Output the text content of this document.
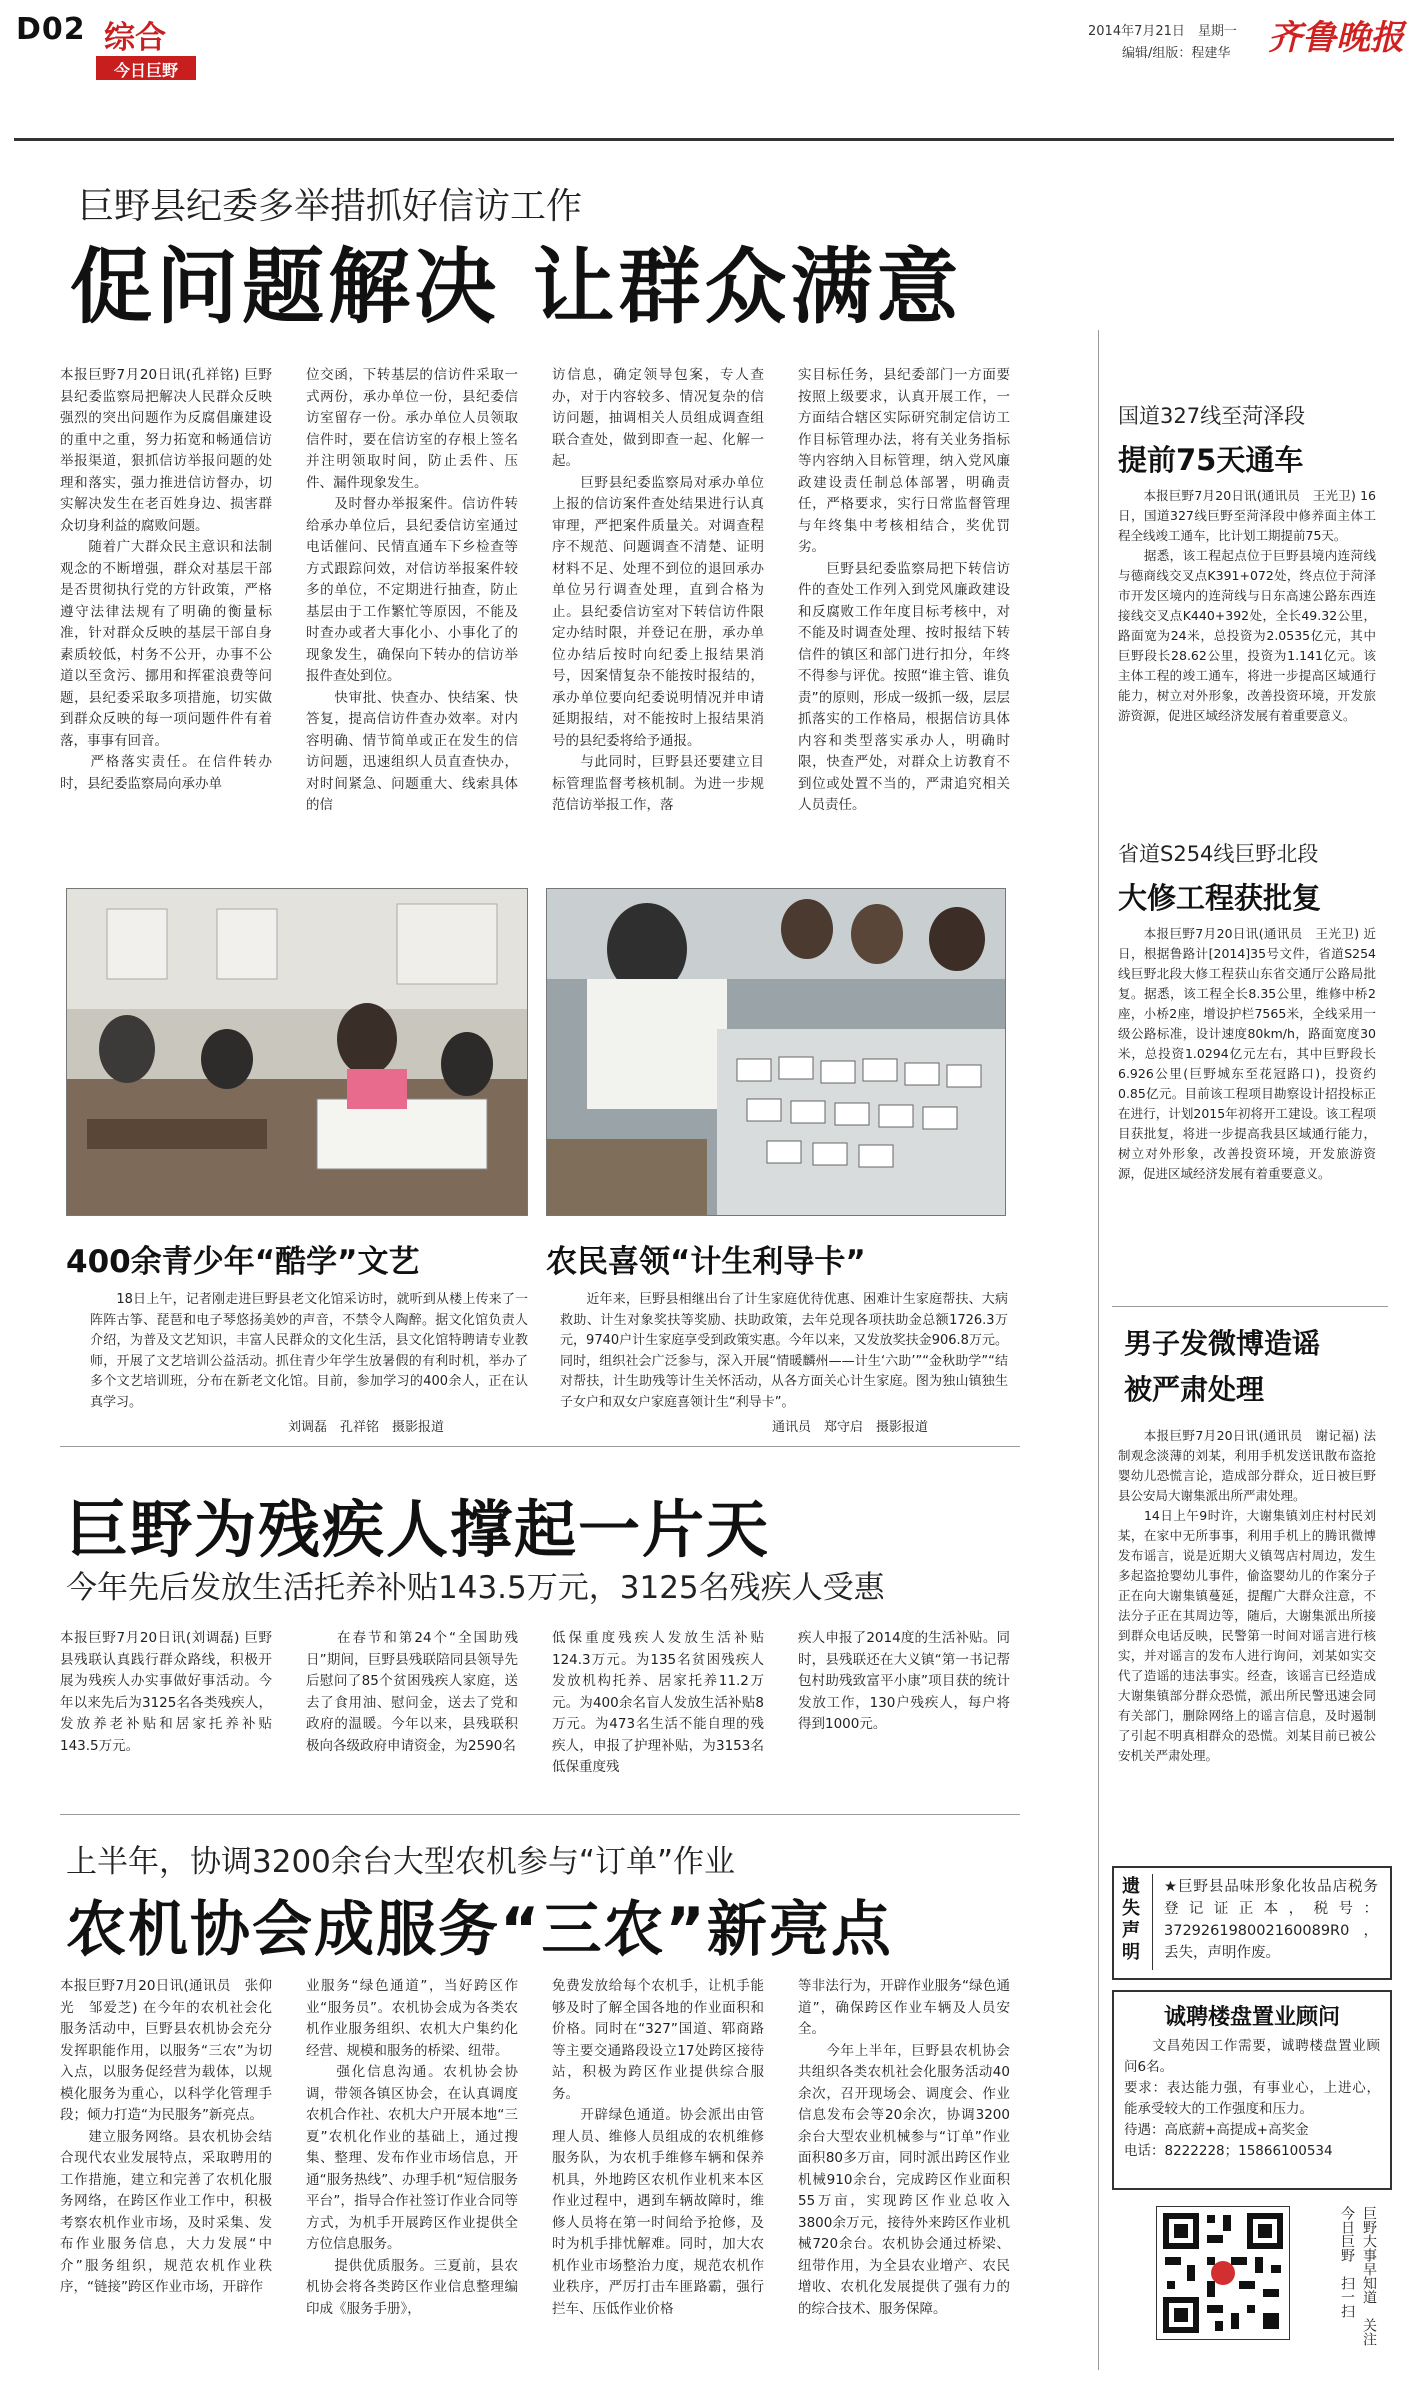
D02 综合
今日巨野
2014年7月21日　星期一
编辑/组版：程建华 齐鲁晚报
巨野县纪委多举措抓好信访工作
促问题解决 让群众满意
本报巨野7月20日讯(孔祥铭) 巨野县纪委监察局把解决人民群众反映强烈的突出问题作为反腐倡廉建设的重中之重，努力拓宽和畅通信访举报渠道，狠抓信访举报问题的处理和落实，强力推进信访督办，切实解决发生在老百姓身边、损害群众切身利益的腐败问题。
　　随着广大群众民主意识和法制观念的不断增强，群众对基层干部是否贯彻执行党的方针政策，严格遵守法律法规有了明确的衡量标准，针对群众反映的基层干部自身素质较低，村务不公开，办事不公道以至贪污、挪用和挥霍浪费等问题，县纪委采取多项措施，切实做到群众反映的每一项问题件件有着落，事事有回音。
　　严格落实责任。在信件转办时，县纪委监察局向承办单
位交函，下转基层的信访件采取一式两份，承办单位一份，县纪委信访室留存一份。承办单位人员领取信件时，要在信访室的存根上签名并注明领取时间，防止丢件、压件、漏件现象发生。
　　及时督办举报案件。信访件转给承办单位后，县纪委信访室通过电话催问、民情直通车下乡检查等方式跟踪问效，对信访举报案件较多的单位，不定期进行抽查，防止基层由于工作繁忙等原因，不能及时查办或者大事化小、小事化了的现象发生，确保向下转办的信访举报件查处到位。
　　快审批、快查办、快结案、快答复，提高信访件查办效率。对内容明确、情节简单或正在发生的信访问题，迅速组织人员直查快办，对时间紧急、问题重大、线索具体的信
访信息，确定领导包案，专人查办，对于内容较多、情况复杂的信访问题，抽调相关人员组成调查组联合查处，做到即查一起、化解一起。
　　巨野县纪委监察局对承办单位上报的信访案件查处结果进行认真审理，严把案件质量关。对调查程序不规范、问题调查不清楚、证明材料不足、处理不到位的退回承办单位另行调查处理，直到合格为止。县纪委信访室对下转信访件限定办结时限，并登记在册，承办单位办结后按时向纪委上报结果消号，因案情复杂不能按时报结的，承办单位要向纪委说明情况并申请延期报结，对不能按时上报结果消号的县纪委将给予通报。
　　与此同时，巨野县还要建立目标管理监督考核机制。为进一步规范信访举报工作，落
实目标任务，县纪委部门一方面要按照上级要求，认真开展工作，一方面结合辖区实际研究制定信访工作目标管理办法，将有关业务指标等内容纳入目标管理，纳入党风廉政建设责任制总体部署，明确责任，严格要求，实行日常监督管理与年终集中考核相结合，奖优罚劣。
　　巨野县纪委监察局把下转信访件的查处工作列入到党风廉政建设和反腐败工作年度目标考核中，对不能及时调查处理、按时报结下转信件的镇区和部门进行扣分，年终不得参与评优。按照“谁主管、谁负责”的原则，形成一级抓一级，层层抓落实的工作格局，根据信访具体内容和类型落实承办人，明确时限，快查严处，对群众上访教育不到位或处置不当的，严肃追究相关人员责任。
400余青少年“酷学”文艺
　　18日上午，记者刚走进巨野县老文化馆采访时，就听到从楼上传来了一阵阵古筝、琵琶和电子琴悠扬美妙的声音，不禁令人陶醉。据文化馆负责人介绍，为普及文艺知识，丰富人民群众的文化生活，县文化馆特聘请专业教师，开展了文艺培训公益活动。抓住青少年学生放暑假的有利时机，举办了多个文艺培训班，分布在新老文化馆。目前，参加学习的400余人，正在认真学习。
刘调磊　孔祥铭　摄影报道
农民喜领“计生利导卡”
　　近年来，巨野县相继出台了计生家庭优待优惠、困难计生家庭帮扶、大病救助、计生对象奖扶等奖励、扶助政策，去年兑现各项扶助金总额1726.3万元，9740户计生家庭享受到政策实惠。今年以来，又发放奖扶金906.8万元。同时，组织社会广泛参与，深入开展“情暖麟州——计生‘六助’”“金秋助学”“结对帮扶，计生助残等计生关怀活动，从各方面关心计生家庭。图为独山镇独生子女户和双女户家庭喜领计生“利导卡”。
通讯员　郑守启　摄影报道
巨野为残疾人撑起一片天
今年先后发放生活托养补贴143.5万元，3125名残疾人受惠
本报巨野7月20日讯(刘调磊) 巨野县残联认真践行群众路线，积极开展为残疾人办实事做好事活动。今年以来先后为3125名各类残疾人，发放养老补贴和居家托养补贴143.5万元。
　　在春节和第24个“全国助残日”期间，巨野县残联陪同县领导先后慰问了85个贫困残疾人家庭，送去了食用油、慰问金，送去了党和政府的温暖。今年以来，县残联积极向各级政府申请资金，为2590名
低保重度残疾人发放生活补贴124.3万元。为135名贫困残疾人发放机构托养、居家托养11.2万元。为400余名盲人发放生活补贴8万元。为473名生活不能自理的残疾人，申报了护理补贴，为3153名低保重度残
疾人申报了2014度的生活补贴。同时，县残联还在大义镇“第一书记帮包村助残致富平小康”项目获的统计发放工作，130户残疾人，每户将得到1000元。
上半年，协调3200余台大型农机参与“订单”作业
农机协会成服务“三农”新亮点
本报巨野7月20日讯(通讯员　张仰光　邹爱芝) 在今年的农机社会化服务活动中，巨野县农机协会充分发挥职能作用，以服务“三农”为切入点，以服务促经营为载体，以规模化服务为重心，以科学化管理手段；倾力打造“为民服务”新亮点。
　　建立服务网络。县农机协会结合现代农业发展特点，采取聘用的工作措施，建立和完善了农机化服务网络，在跨区作业工作中，积极考察农机作业市场，及时采集、发布作业服务信息，大力发展“中介”服务组织，规范农机作业秩序，“链接”跨区作业市场，开辟作
业服务“绿色通道”，当好跨区作业“服务员”。农机协会成为各类农机作业服务组织、农机大户集约化经营、规模和服务的桥梁、纽带。
　　强化信息沟通。农机协会协调，带领各镇区协会，在认真调度农机合作社、农机大户开展本地“三夏”农机化作业的基础上，通过搜集、整理、发布作业市场信息，开通“服务热线”、办理手机“短信服务平台”，指导合作社签订作业合同等方式，为机手开展跨区作业提供全方位信息服务。
　　提供优质服务。三夏前，县农机协会将各类跨区作业信息整理编印成《服务手册》，
免费发放给每个农机手，让机手能够及时了解全国各地的作业面积和价格。同时在“327”国道、郓商路等主要交通路段设立17处跨区接待站，积极为跨区作业提供综合服务。
　　开辟绿色通道。协会派出由管理人员、维修人员组成的农机维修服务队，为农机手维修车辆和保养机具，外地跨区农机作业机来本区作业过程中，遇到车辆故障时，维修人员将在第一时间给予抢修，及时为机手排忧解难。同时，加大农机作业市场整治力度，规范农机作业秩序，严厉打击车匪路霸，强行拦车、压低作业价格
等非法行为，开辟作业服务“绿色通道”，确保跨区作业车辆及人员安全。
　　今年上半年，巨野县农机协会共组织各类农机社会化服务活动40余次，召开现场会、调度会、作业信息发布会等20余次，协调3200余台大型农业机械参与“订单”作业面积80多万亩，同时派出跨区作业机械910余台，完成跨区作业面积55万亩，实现跨区作业总收入3800余万元，接待外来跨区作业机械720余台。农机协会通过桥梁、纽带作用，为全县农业增产、农民增收、农机化发展提供了强有力的的综合技术、服务保障。
国道327线至菏泽段
提前75天通车
　　本报巨野7月20日讯(通讯员　王光卫) 16日，国道327线巨野至菏泽段中修养面主体工程全线竣工通车，比计划工期提前75天。
　　据悉，该工程起点位于巨野县境内连菏线与德商线交叉点K391+072处，终点位于菏泽市开发区境内的连菏线与日东高速公路东西连接线交叉点K440+392处，全长49.32公里，路面宽为24米，总投资为2.0535亿元，其中巨野段长28.62公里，投资为1.141亿元。该主体工程的竣工通车，将进一步提高区域通行能力，树立对外形象，改善投资环境，开发旅游资源，促进区域经济发展有着重要意义。
省道S254线巨野北段
大修工程获批复
　　本报巨野7月20日讯(通讯员　王光卫) 近日，根据鲁路计[2014]35号文件，省道S254线巨野北段大修工程获山东省交通厅公路局批复。据悉，该工程全长8.35公里，维修中桥2座，小桥2座，增设护栏7565米，全线采用一级公路标准，设计速度80km/h，路面宽度30米，总投资1.0294亿元左右，其中巨野段长6.926公里(巨野城东至花冠路口)，投资约0.85亿元。目前该工程项目勘察设计招投标正在进行，计划2015年初将开工建设。该工程项目获批复，将进一步提高我县区域通行能力，树立对外形象，改善投资环境，开发旅游资源，促进区域经济发展有着重要意义。
男子发微博造谣
被严肃处理
　　本报巨野7月20日讯(通讯员　谢记福) 法制观念淡薄的刘某，利用手机发送讯散布盗抢婴幼儿恐慌言论，造成部分群众，近日被巨野县公安局大谢集派出所严肃处理。
　　14日上午9时许，大谢集镇刘庄村村民刘某，在家中无所事事，利用手机上的腾讯微博发布谣言，说是近期大义镇驾店村周边，发生多起盗抢婴幼儿事件，偷盗婴幼儿的作案分子正在向大谢集镇蔓延，提醒广大群众注意，不法分子正在其周边等，随后，大谢集派出所接到群众电话反映，民警第一时间对谣言进行核实，并对谣言的发布人进行询问，刘某如实交代了造谣的违法事实。经查，该谣言已经造成大谢集镇部分群众恐慌，派出所民警迅速会同有关部门，删除网络上的谣言信息，及时遏制了引起不明真相群众的恐慌。刘某目前已被公安机关严肃处理。
遗失声明
★巨野县品味形象化妆品店税务登记证正本，税号：372926198002160089R0，丢失，声明作废。
诚聘楼盘置业顾问
　　文昌苑因工作需要，诚聘楼盘置业顾问6名。
要求：表达能力强，有事业心，上进心，能承受较大的工作强度和压力。
待遇：高底薪+高提成+高奖金
电话：8222228；15866100534
巨野大事早知道　关注今日巨野　扫一扫
